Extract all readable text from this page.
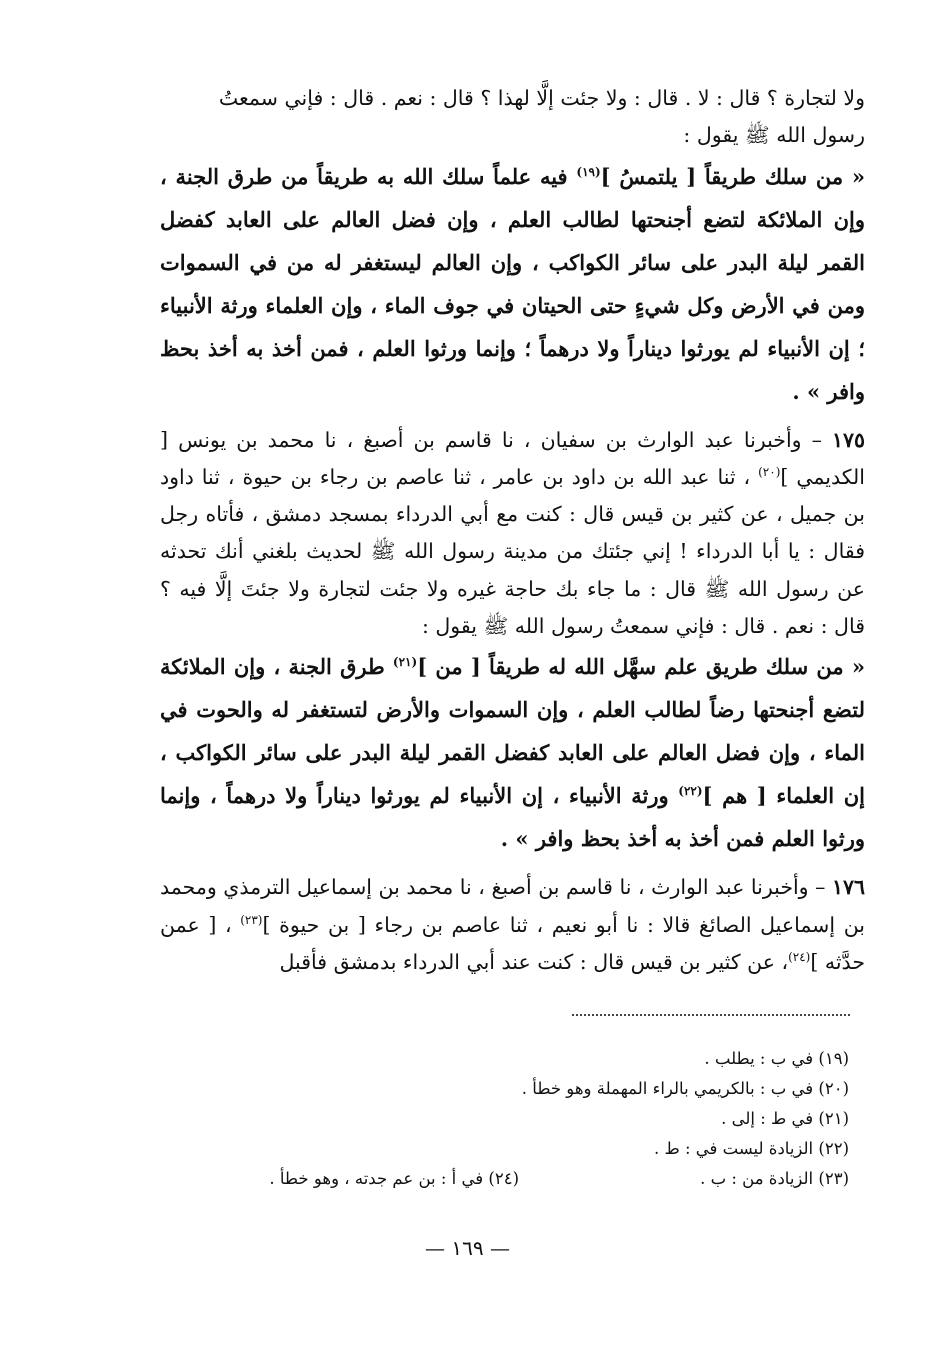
ولا لتجارة ؟ قال : لا . قال : ولا جئت إلَّا لهذا ؟ قال : نعم . قال : فإني سمعتُ
رسول الله ﷺ يقول :

« من سلك طريقاً [ يلتمسُ ]$^{(١٩)}$ فيه علماً سلك الله به طريقاً من طرق الجنة ، وإن الملائكة لتضع أجنحتها لطالب العلم ، وإن فضل العالم على العابد كفضل القمر ليلة البدر على سائر الكواكب ، وإن العالم ليستغفر له من في السموات ومن في الأرض وكل شيءٍ حتى الحيتان في جوف الماء ، وإن العلماء ورثة الأنبياء ؛ إن الأنبياء لم يورثوا ديناراً ولا درهماً ؛ وإنما ورثوا العلم ، فمن أخذ به أخذ بحظ وافر » .

١٧٥ – وأخبرنا عبد الوارث بن سفيان ، نا قاسم بن أصبغ ، نا محمد بن يونس [ الكديمي ]$^{(٢٠)}$ ، ثنا عبد الله بن داود بن عامر ، ثنا عاصم بن رجاء بن حيوة ، ثنا داود بن جميل ، عن كثير بن قيس قال : كنت مع أبي الدرداء بمسجد دمشق ، فأتاه رجل فقال : يا أبا الدرداء ! إني جئتك من مدينة رسول الله ﷺ لحديث بلغني أنك تحدثه عن رسول الله ﷺ قال : ما جاء بك حاجة غيره ولا جئت لتجارة ولا جئتَ إلَّا فيه ؟ قال : نعم . قال : فإني سمعتُ رسول الله ﷺ يقول :

« من سلك طريق علم سهَّل الله له طريقاً [ من ]$^{(٢١)}$ طرق الجنة ، وإن الملائكة لتضع أجنحتها رضاً لطالب العلم ، وإن السموات والأرض لتستغفر له والحوت في الماء ، وإن فضل العالم على العابد كفضل القمر ليلة البدر على سائر الكواكب ، إن العلماء [ هم ]$^{(٢٢)}$ ورثة الأنبياء ، إن الأنبياء لم يورثوا ديناراً ولا درهماً ، وإنما ورثوا العلم فمن أخذ به أخذ بحظ وافر » .

١٧٦ – وأخبرنا عبد الوارث ، نا قاسم بن أصبغ ، نا محمد بن إسماعيل الترمذي ومحمد بن إسماعيل الصائغ قالا : نا أبو نعيم ، ثنا عاصم بن رجاء [ بن حيوة ]$^{(٢٣)}$ ، [ عمن حدَّثه ]$^{(٢٤)}$، عن كثير بن قيس قال : كنت عند أبي الدرداء بدمشق فأقبل

(١٩) في ب : يطلب .
(٢٠) في ب : بالكريمي بالراء المهملة وهو خطأ .
(٢١) في ط : إلى .
(٢٢) الزيادة ليست في : ط .
(٢٣) الزيادة من : ب .
(٢٤) في أ : بن عم جدته ، وهو خطأ .
— ١٦٩ —
